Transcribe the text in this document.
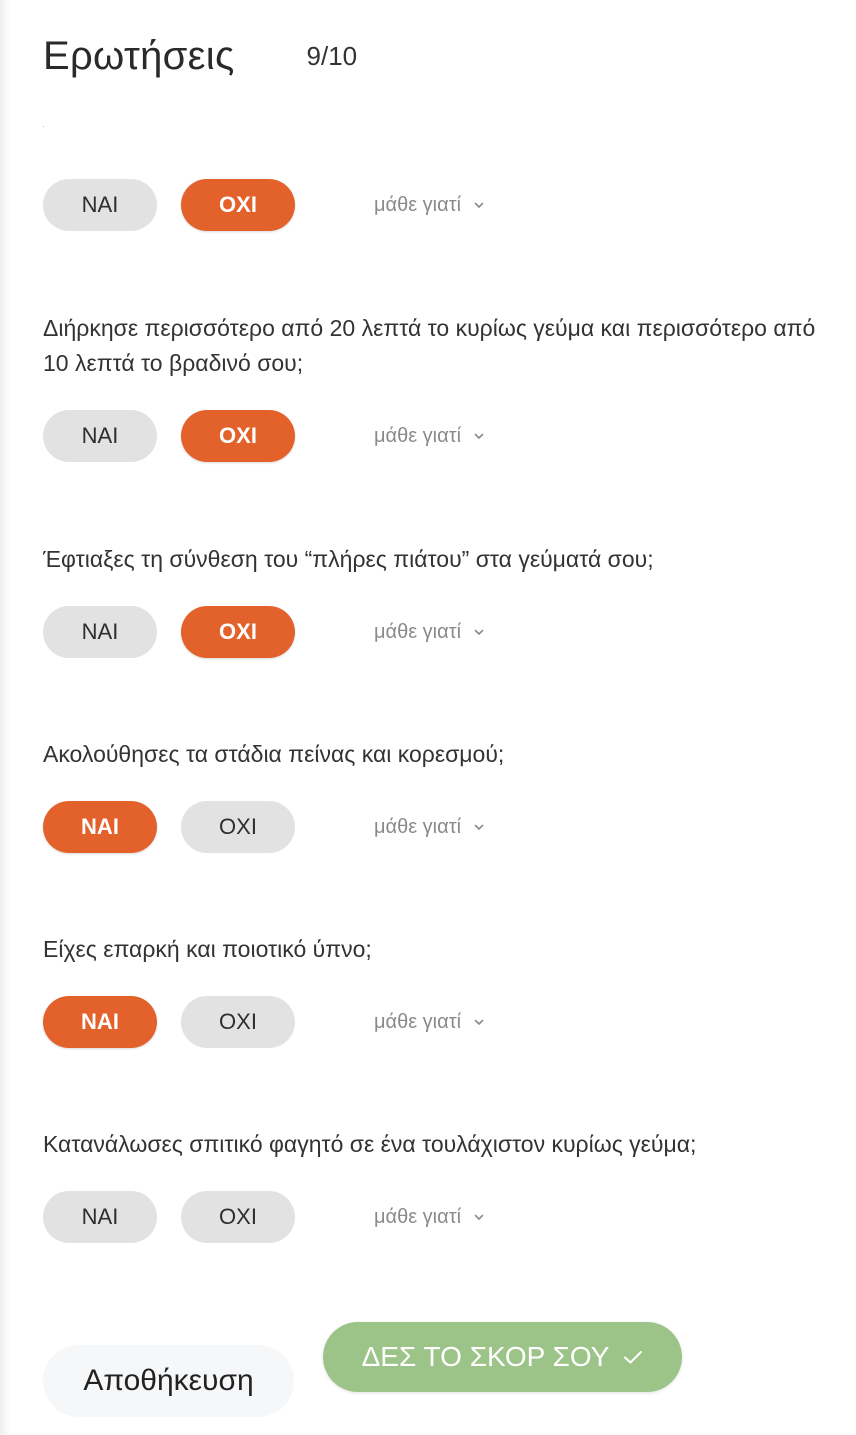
Ερωτήσεις	9/10
ΝΑΙ	ΟΧΙ	μάθε γιατί

Διήρκησε περισσότερο από 20 λεπτά το κυρίως γεύμα και περισσότερο από 10 λεπτά το βραδινό σου;

ΝΑΙ	ΟΧΙ	μάθε γιατί

Έφτιαξες τη σύνθεση του “πλήρες πιάτου” στα γεύματά σου;

ΝΑΙ	ΟΧΙ	μάθε γιατί

Ακολούθησες τα στάδια πείνας και κορεσμού;

ΝΑΙ	ΟΧΙ	μάθε γιατί

Είχες επαρκή και ποιοτικό ύπνο;

ΝΑΙ	ΟΧΙ	μάθε γιατί

Κατανάλωσες σπιτικό φαγητό σε ένα τουλάχιστον κυρίως γεύμα;

ΝΑΙ	ΟΧΙ	μάθε γιατί
Αποθήκευση
ΔΕΣ ΤΟ ΣΚΟΡ ΣΟΥ
